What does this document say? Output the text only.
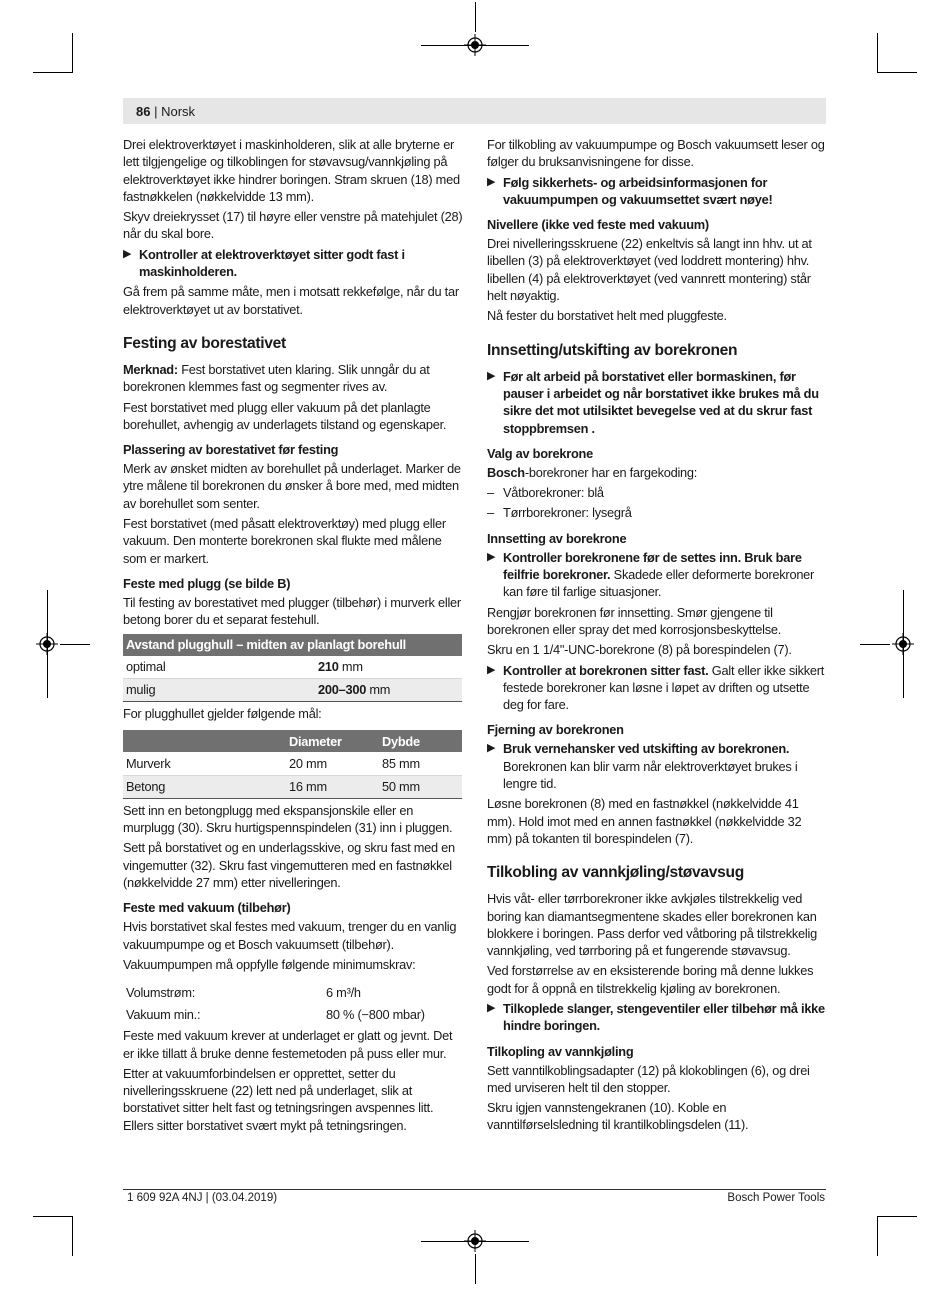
86 | Norsk

Drei elektroverktøyet i maskinholderen, slik at alle bryterne er lett tilgjengelige og tilkoblingen for støvavsug/vannkjøling på elektroverktøyet ikke hindrer boringen. Stram skruen (18) med fastnøkkelen (nøkkelvidde 13 mm).

Skyv dreiekrysset (17) til høyre eller venstre på matehjulet (28) når du skal bore.

▶ Kontroller at elektroverktøyet sitter godt fast i maskinholderen.

Gå frem på samme måte, men i motsatt rekkefølge, når du tar elektroverktøyet ut av borstativet.

Festing av borestativet

Merknad: Fest borstativet uten klaring. Slik unngår du at borekronen klemmes fast og segmenter rives av.

Fest borstativet med plugg eller vakuum på det planlagte borehullet, avhengig av underlagets tilstand og egenskaper.

Plassering av borestativet før festing

Merk av ønsket midten av borehullet på underlaget. Marker de ytre målene til borekronen du ønsker å bore med, med midten av borehullet som senter.

Fest borstativet (med påsatt elektroverktøy) med plugg eller vakuum. Den monterte borekronen skal flukte med målene som er markert.

Feste med plugg (se bilde B)

Til festing av borestativet med plugger (tilbehør) i murverk eller betong borer du et separat festehull.

Avstand plugghull – midten av planlagt borehull	
optimal	210 mm
mulig	200–300 mm

For plugghullet gjelder følgende mål:

	Diameter	Dybde
Murverk	20 mm	85 mm
Betong	16 mm	50 mm

Sett inn en betongplugg med ekspansjonskile eller en murplugg (30). Skru hurtigspennspindelen (31) inn i pluggen.

Sett på borstativet og en underlagsskive, og skru fast med en vingemutter (32). Skru fast vingemutteren med en fastnøkkel (nøkkelvidde 27 mm) etter nivelleringen.

Feste med vakuum (tilbehør)

Hvis borstativet skal festes med vakuum, trenger du en vanlig vakuumpumpe og et Bosch vakuumsett (tilbehør).

Vakuumpumpen må oppfylle følgende minimumskrav:

Volumstrøm:	6 m³/h
Vakuum min.:	80 % (−800 mbar)

Feste med vakuum krever at underlaget er glatt og jevnt. Det er ikke tillatt å bruke denne festemetoden på puss eller mur.

Etter at vakuumforbindelsen er opprettet, setter du nivelleringsskruene (22) lett ned på underlaget, slik at borstativet sitter helt fast og tetningsringen avspennes litt. Ellers sitter borstativet svært mykt på tetningsringen.

For tilkobling av vakuumpumpe og Bosch vakuumsett leser og følger du bruksanvisningene for disse.

▶ Følg sikkerhets- og arbeidsinformasjonen for vakuumpumpen og vakuumsettet svært nøye!
Nivellere (ikke ved feste med vakuum)

Drei nivelleringsskruene (22) enkeltvis så langt inn hhv. ut at libellen (3) på elektroverktøyet (ved loddrett montering) hhv. libellen (4) på elektroverktøyet (ved vannrett montering) står helt nøyaktig.

Nå fester du borstativet helt med pluggfeste.

Innsetting/utskifting av borekronen
▶ Før alt arbeid på borstativet eller bormaskinen, før pauser i arbeidet og når borstativet ikke brukes må du sikre det mot utilsiktet bevegelse ved at du skrur fast stoppbremsen .
Valg av borekrone

Bosch-borekroner har en fargekoding:

– Våtborekroner: blå
– Tørrborekroner: lysegrå
Innsetting av borekrone
▶ Kontroller borekronene før de settes inn. Bruk bare feilfrie borekroner. Skadede eller deformerte borekroner kan føre til farlige situasjoner.

Rengjør borekronen før innsetting. Smør gjengene til borekronen eller spray det med korrosjonsbeskyttelse.

Skru en 1 1/4"-UNC-borekrone (8) på borespindelen (7).

▶ Kontroller at borekronen sitter fast. Galt eller ikke sikkert festede borekroner kan løsne i løpet av driften og utsette deg for fare.
Fjerning av borekronen
▶ Bruk vernehansker ved utskifting av borekronen. Borekronen kan blir varm når elektroverktøyet brukes i lengre tid.

Løsne borekronen (8) med en fastnøkkel (nøkkelvidde 41 mm). Hold imot med en annen fastnøkkel (nøkkelvidde 32 mm) på tokanten til borespindelen (7).

Tilkobling av vannkjøling/støvavsug

Hvis våt- eller tørrborekroner ikke avkjøles tilstrekkelig ved boring kan diamantsegmentene skades eller borekronen kan blokkere i boringen. Pass derfor ved våtboring på tilstrekkelig vannkjøling, ved tørrboring på et fungerende støvavsug.

Ved forstørrelse av en eksisterende boring må denne lukkes godt for å oppnå en tilstrekkelig kjøling av borekronen.

▶ Tilkoplede slanger, stengeventiler eller tilbehør må ikke hindre boringen.
Tilkopling av vannkjøling

Sett vanntilkoblingsadapter (12) på klokoblingen (6), og drei med urviseren helt til den stopper.

Skru igjen vannstengekranen (10). Koble en vanntilførselsledning til krantilkoblingsdelen (11).

1 609 92A 4NJ | (03.04.2019)	Bosch Power Tools
